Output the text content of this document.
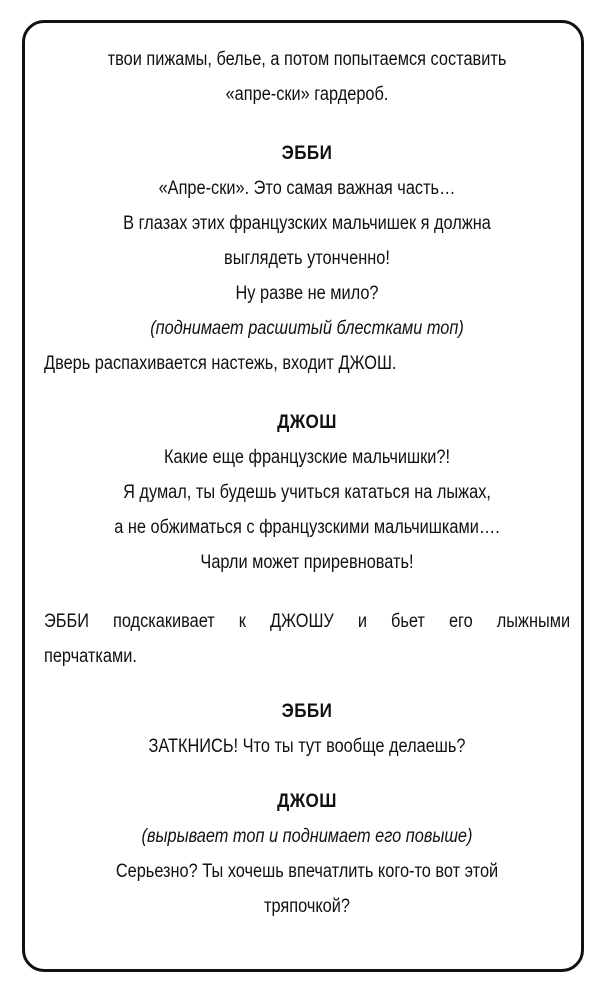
твои пижамы, белье, а потом попытаемся составить
«апре-ски» гардероб.
ЭББИ
«Апре-ски». Это самая важная часть…
В глазах этих французских мальчишек я должна
выглядеть утонченно!
Ну разве не мило?
(поднимает расшитый блестками топ)
Дверь распахивается настежь, входит ДЖОШ.
ДЖОШ
Какие еще французские мальчишки?!
Я думал, ты будешь учиться кататься на лыжах,
а не обжиматься с французскими мальчишками….
Чарли может приревновать!
ЭББИ подскакивает к ДЖОШУ и бьет его лыжными
перчатками.
ЭББИ
ЗАТКНИСЬ! Что ты тут вообще делаешь?
ДЖОШ
(вырывает топ и поднимает его повыше)
Серьезно? Ты хочешь впечатлить кого-то вот этой
тряпочкой?
